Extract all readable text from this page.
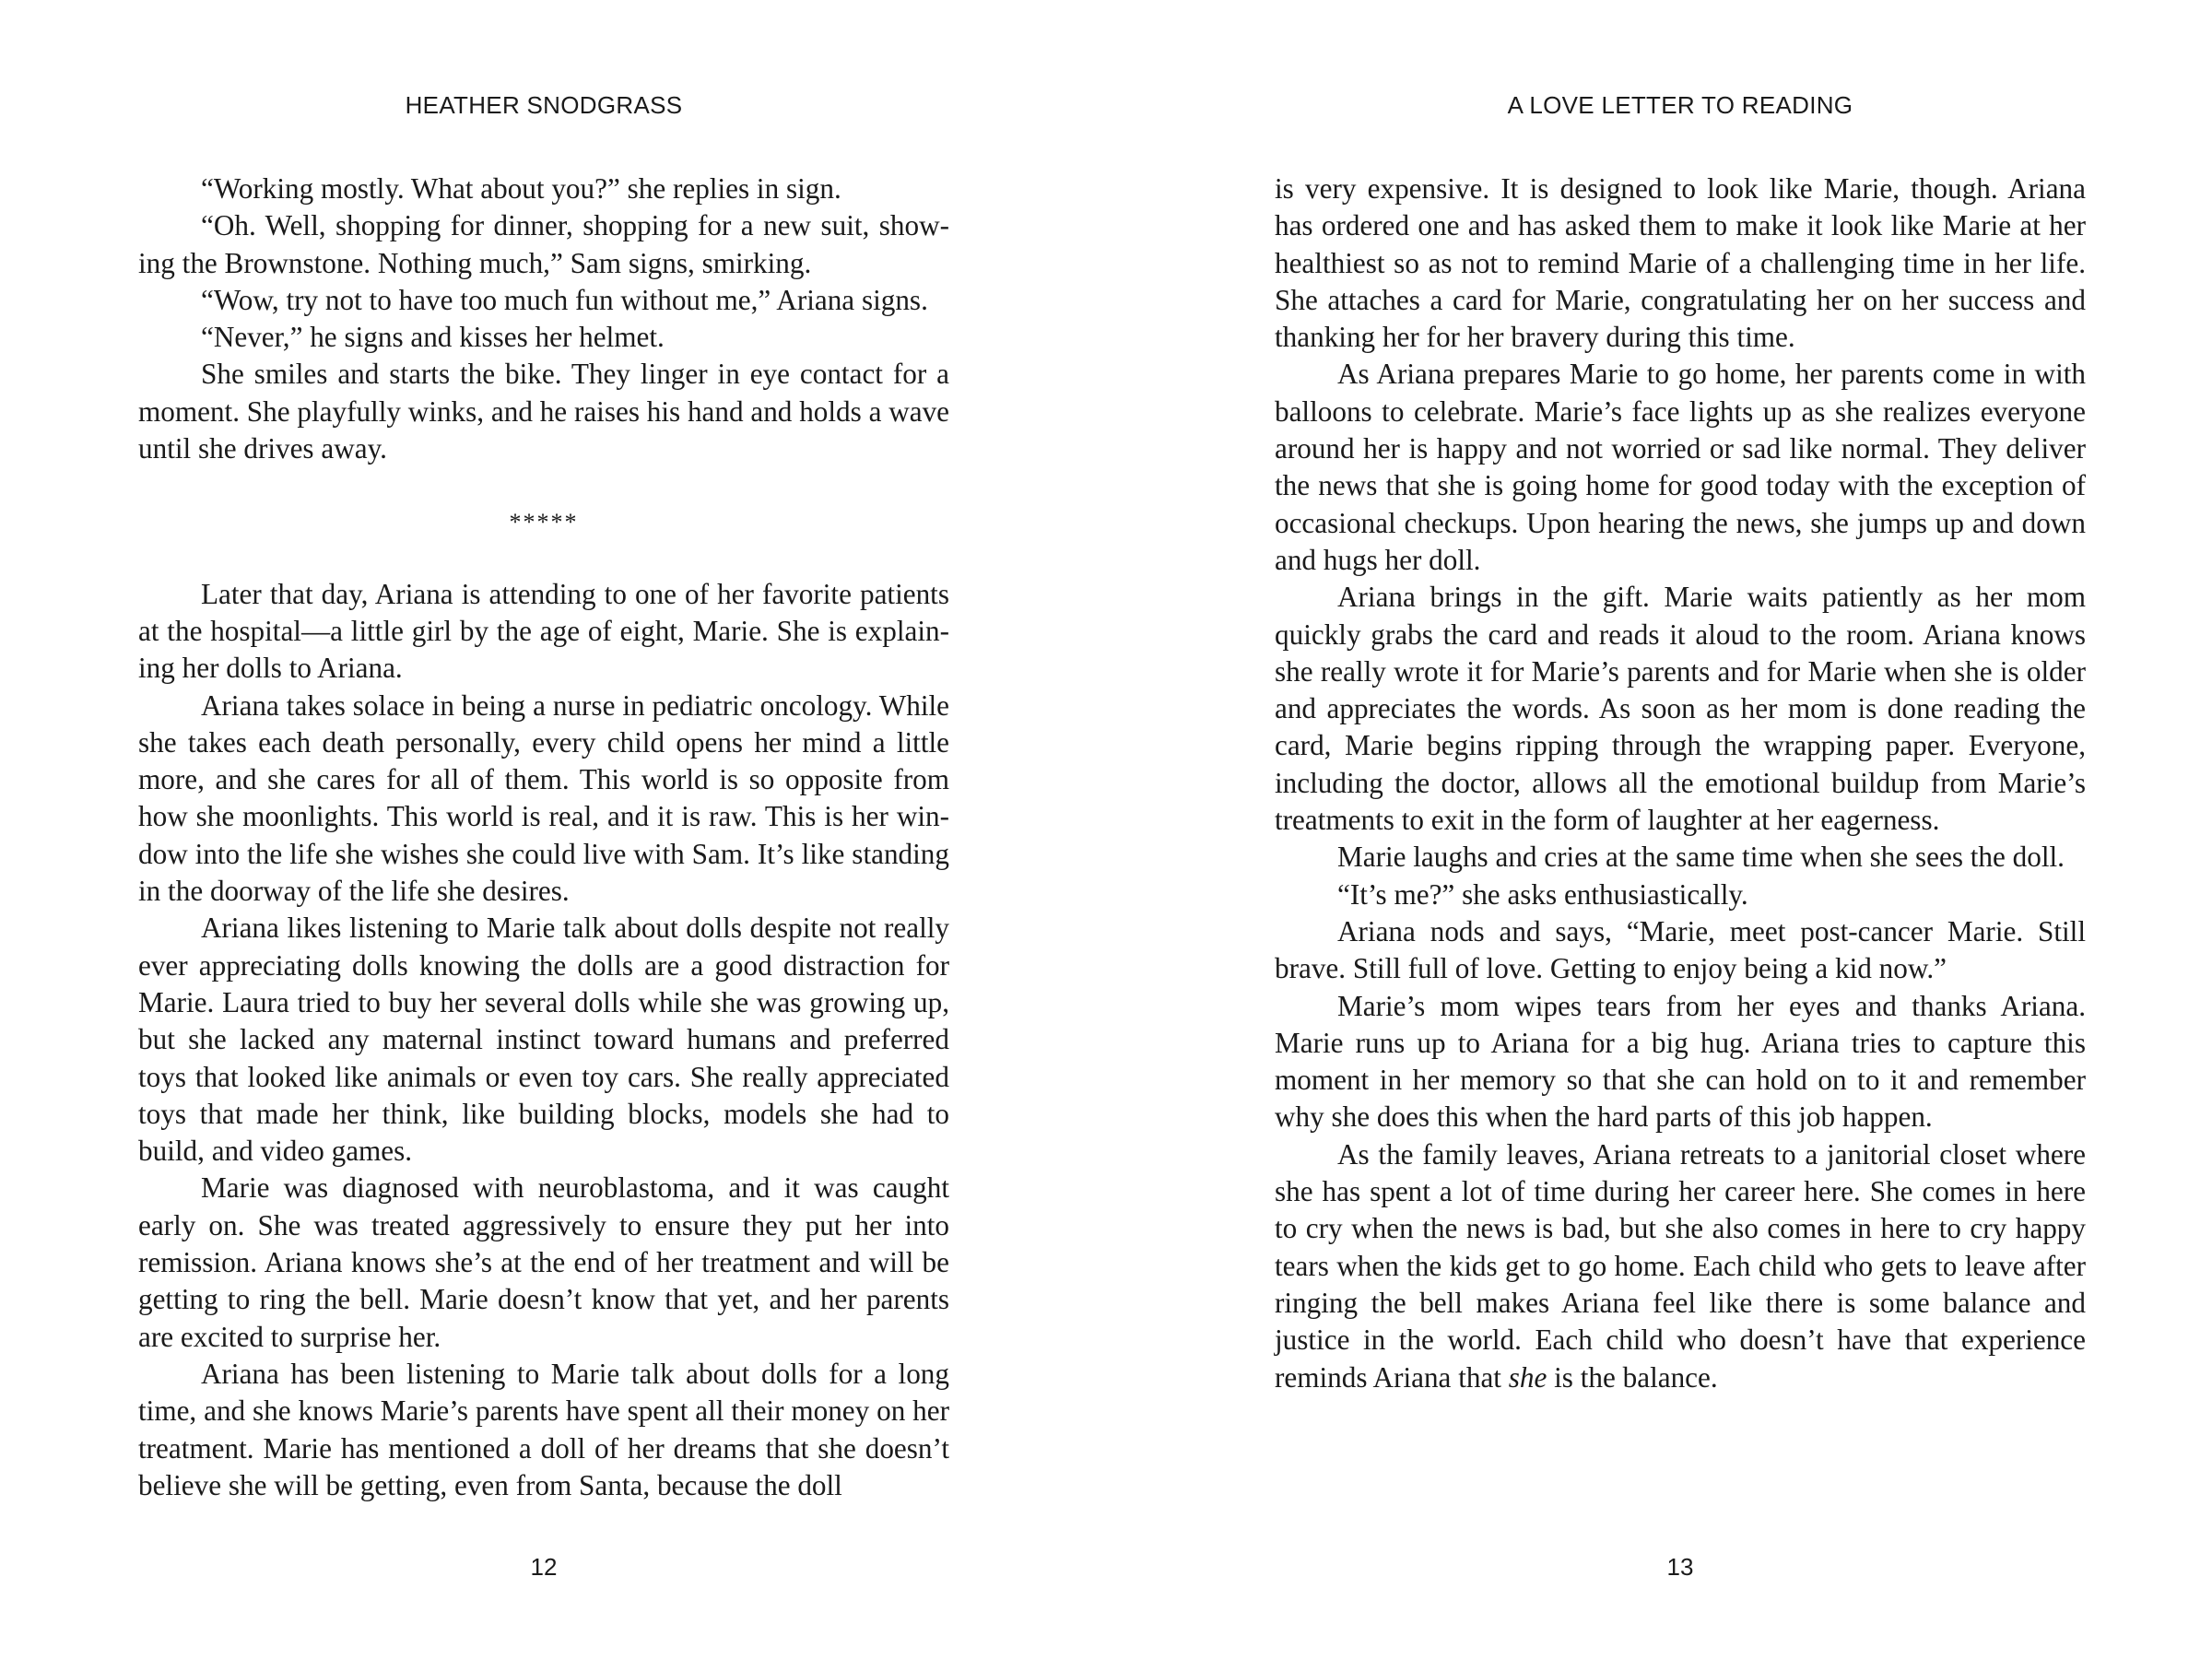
HEATHER SNODGRASS

“Working mostly. What about you?” she replies in sign.

“Oh. Well, shopping for dinner, shopping for a new suit, show-ing the Brownstone. Nothing much,” Sam signs, smirking.

“Wow, try not to have too much fun without me,” Ariana signs.

“Never,” he signs and kisses her helmet.

She smiles and starts the bike. They linger in eye contact for a moment. She playfully winks, and he raises his hand and holds a wave until she drives away.

*****

Later that day, Ariana is attending to one of her favorite patients at the hospital—a little girl by the age of eight, Marie. She is explain-ing her dolls to Ariana.

Ariana takes solace in being a nurse in pediatric oncology. While she takes each death personally, every child opens her mind a little more, and she cares for all of them. This world is so opposite from how she moonlights. This world is real, and it is raw. This is her win-dow into the life she wishes she could live with Sam. It’s like standing in the doorway of the life she desires.

Ariana likes listening to Marie talk about dolls despite not really ever appreciating dolls knowing the dolls are a good distraction for Marie. Laura tried to buy her several dolls while she was growing up, but she lacked any maternal instinct toward humans and preferred toys that looked like animals or even toy cars. She really appreciated toys that made her think, like building blocks, models she had to build, and video games.

Marie was diagnosed with neuroblastoma, and it was caught early on. She was treated aggressively to ensure they put her into remission. Ariana knows she’s at the end of her treatment and will be getting to ring the bell. Marie doesn’t know that yet, and her parents are excited to surprise her.

Ariana has been listening to Marie talk about dolls for a long time, and she knows Marie’s parents have spent all their money on her treatment. Marie has mentioned a doll of her dreams that she doesn’t believe she will be getting, even from Santa, because the doll

12
A LOVE LETTER TO READING

is very expensive. It is designed to look like Marie, though. Ariana has ordered one and has asked them to make it look like Marie at her healthiest so as not to remind Marie of a challenging time in her life. She attaches a card for Marie, congratulating her on her success and thanking her for her bravery during this time.

As Ariana prepares Marie to go home, her parents come in with balloons to celebrate. Marie’s face lights up as she realizes everyone around her is happy and not worried or sad like normal. They deliver the news that she is going home for good today with the exception of occasional checkups. Upon hearing the news, she jumps up and down and hugs her doll.

Ariana brings in the gift. Marie waits patiently as her mom quickly grabs the card and reads it aloud to the room. Ariana knows she really wrote it for Marie’s parents and for Marie when she is older and appreciates the words. As soon as her mom is done reading the card, Marie begins ripping through the wrapping paper. Everyone, including the doctor, allows all the emotional buildup from Marie’s treatments to exit in the form of laughter at her eagerness.

Marie laughs and cries at the same time when she sees the doll.

“It’s me?” she asks enthusiastically.

Ariana nods and says, “Marie, meet post-cancer Marie. Still brave. Still full of love. Getting to enjoy being a kid now.”

Marie’s mom wipes tears from her eyes and thanks Ariana. Marie runs up to Ariana for a big hug. Ariana tries to capture this moment in her memory so that she can hold on to it and remember why she does this when the hard parts of this job happen.

As the family leaves, Ariana retreats to a janitorial closet where she has spent a lot of time during her career here. She comes in here to cry when the news is bad, but she also comes in here to cry happy tears when the kids get to go home. Each child who gets to leave after ringing the bell makes Ariana feel like there is some balance and justice in the world. Each child who doesn’t have that experience reminds Ariana that she is the balance.

13
